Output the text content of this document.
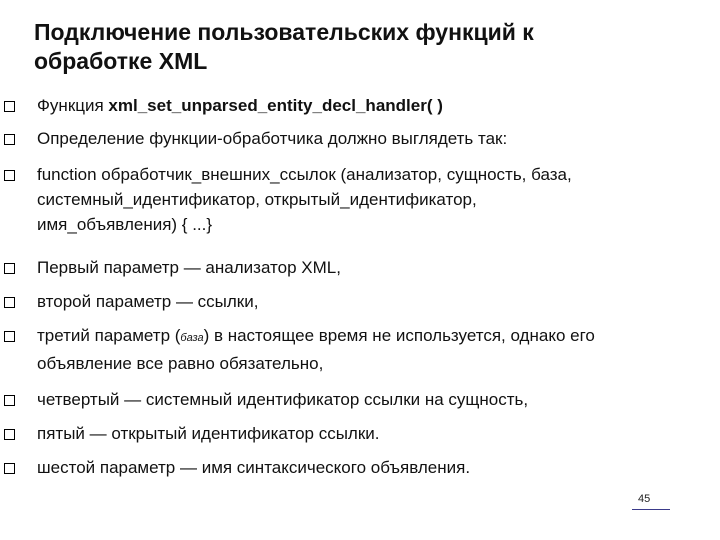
Подключение пользовательских функций к
обработке XML
Функция xml_set_unparsed_entity_decl_handler( )
Определение функции-обработчика должно выглядеть так:
function обработчик_внешних_ссылок (анализатор, сущность, база,
системный_идентификатор, открытый_идентификатор,
имя_объявления) { ...}
Первый параметр — анализатор XML,
второй параметр — ссылки,
третий параметр (база) в настоящее время не используется, однако его
объявление все равно обязательно,
четвертый — системный идентификатор ссылки на сущность,
пятый — открытый идентификатор ссылки.
шестой параметр — имя синтаксического объявления.
45
